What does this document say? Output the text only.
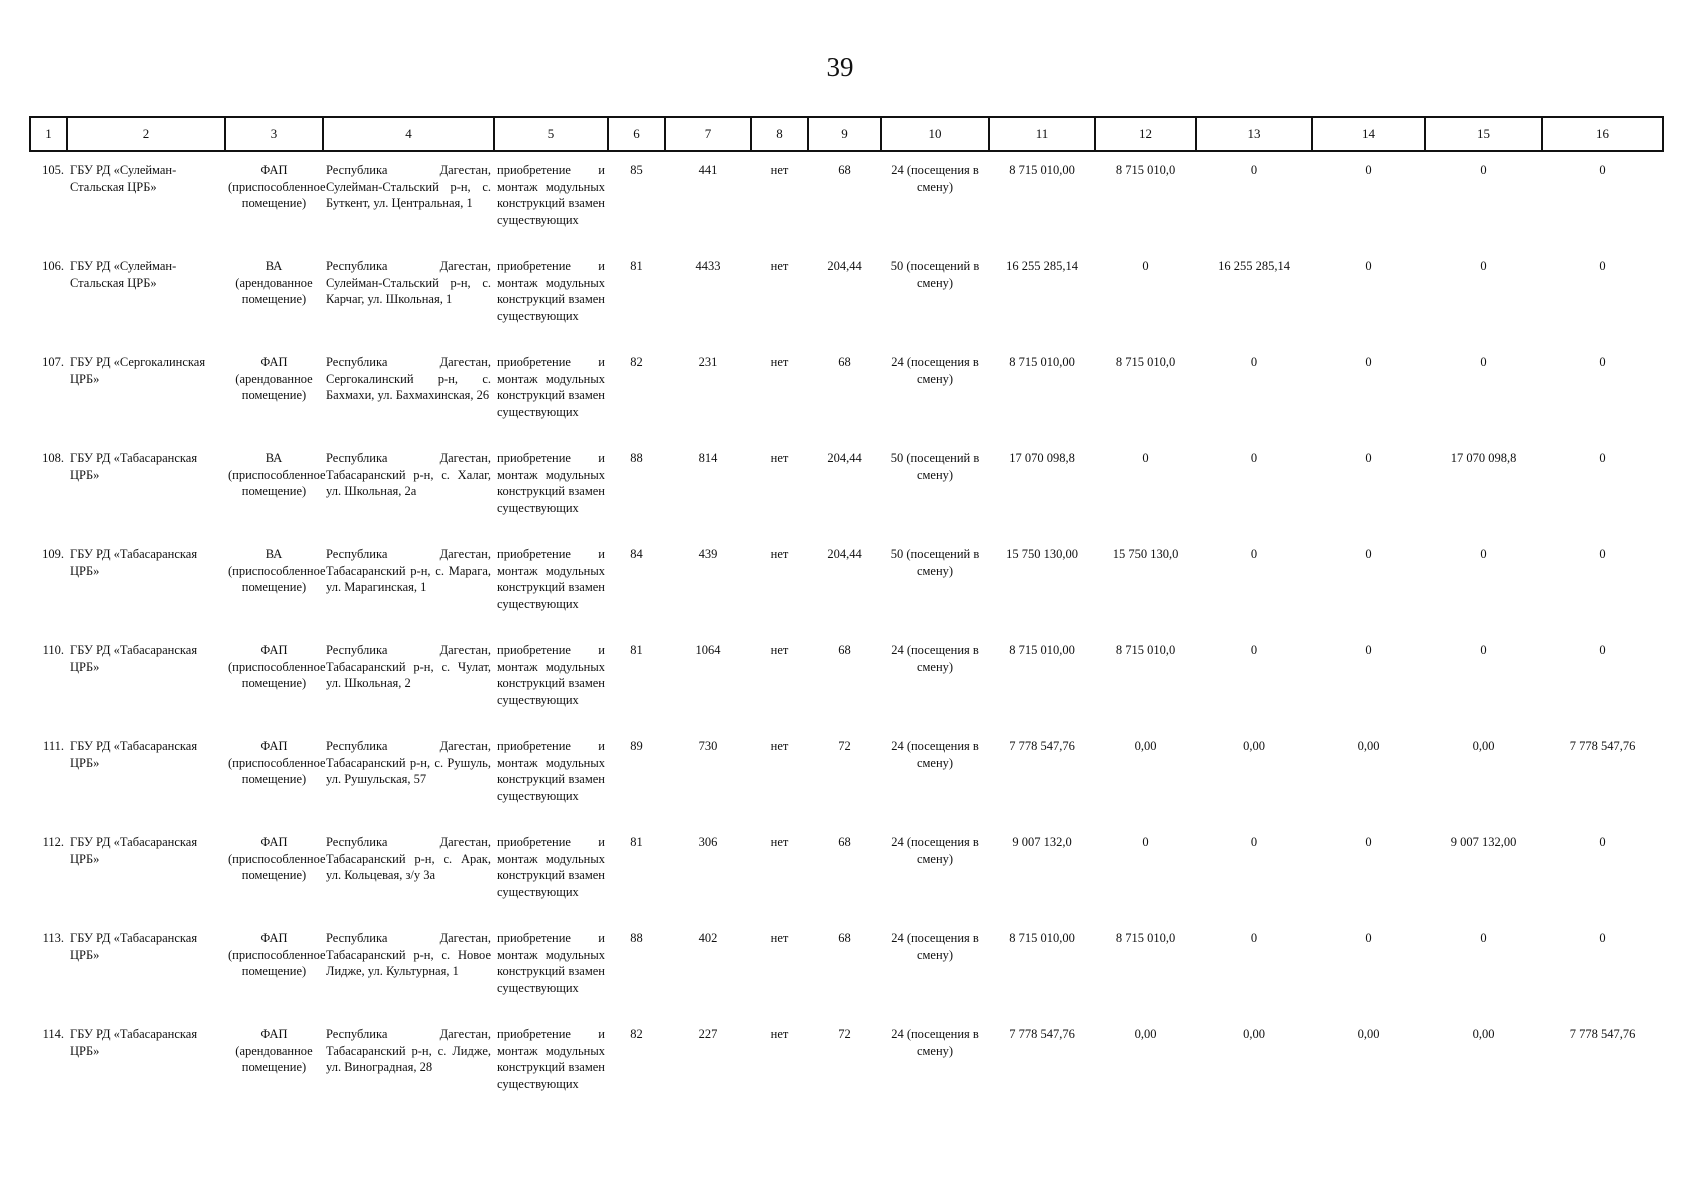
39
1	2	3	4	5	6	7	8	9	10	11	12	13	14	15	16
105.	ГБУ РД «Сулейман-Стальская ЦРБ»	ФАП (приспособленное помещение)	Республика Дагестан, Сулейман-Стальский р-н, с. Буткент, ул. Центральная, 1	приобретение и монтаж модульных конструкций взамен существующих	85	441	нет	68	24 (посещения в смену)	8 715 010,00	8 715 010,0	0	0	0	0
106.	ГБУ РД «Сулейман-Стальская ЦРБ»	ВА (арендованное помещение)	Республика Дагестан, Сулейман-Стальский р-н, с. Карчаг, ул. Школьная, 1	приобретение и монтаж модульных конструкций взамен существующих	81	4433	нет	204,44	50 (посещений в смену)	16 255 285,14	0	16 255 285,14	0	0	0
107.	ГБУ РД «Сергокалинская ЦРБ»	ФАП (арендованное помещение)	Республика Дагестан, Сергокалинский р-н, с. Бахмахи, ул. Бахмахинская, 26	приобретение и монтаж модульных конструкций взамен существующих	82	231	нет	68	24 (посещения в смену)	8 715 010,00	8 715 010,0	0	0	0	0
108.	ГБУ РД «Табасаранская ЦРБ»	ВА (приспособленное помещение)	Республика Дагестан, Табасаранский р-н, с. Халаг, ул. Школьная, 2а	приобретение и монтаж модульных конструкций взамен существующих	88	814	нет	204,44	50 (посещений в смену)	17 070 098,8	0	0	0	17 070 098,8	0
109.	ГБУ РД «Табасаранская ЦРБ»	ВА (приспособленное помещение)	Республика Дагестан, Табасаранский р-н, с. Марага, ул. Марагинская, 1	приобретение и монтаж модульных конструкций взамен существующих	84	439	нет	204,44	50 (посещений в смену)	15 750 130,00	15 750 130,0	0	0	0	0
110.	ГБУ РД «Табасаранская ЦРБ»	ФАП (приспособленное помещение)	Республика Дагестан, Табасаранский р-н, с. Чулат, ул. Школьная, 2	приобретение и монтаж модульных конструкций взамен существующих	81	1064	нет	68	24 (посещения в смену)	8 715 010,00	8 715 010,0	0	0	0	0
111.	ГБУ РД «Табасаранская ЦРБ»	ФАП (приспособленное помещение)	Республика Дагестан, Табасаранский р-н, с. Рушуль, ул. Рушульская, 57	приобретение и монтаж модульных конструкций взамен существующих	89	730	нет	72	24 (посещения в смену)	7 778 547,76	0,00	0,00	0,00	0,00	7 778 547,76
112.	ГБУ РД «Табасаранская ЦРБ»	ФАП (приспособленное помещение)	Республика Дагестан, Табасаранский р-н, с. Арак, ул. Кольцевая, з/у 3а	приобретение и монтаж модульных конструкций взамен существующих	81	306	нет	68	24 (посещения в смену)	9 007 132,0	0	0	0	9 007 132,00	0
113.	ГБУ РД «Табасаранская ЦРБ»	ФАП (приспособленное помещение)	Республика Дагестан, Табасаранский р-н, с. Новое Лидже, ул. Культурная, 1	приобретение и монтаж модульных конструкций взамен существующих	88	402	нет	68	24 (посещения в смену)	8 715 010,00	8 715 010,0	0	0	0	0
114.	ГБУ РД «Табасаранская ЦРБ»	ФАП (арендованное помещение)	Республика Дагестан, Табасаранский р-н, с. Лидже, ул. Виноградная, 28	приобретение и монтаж модульных конструкций взамен существующих	82	227	нет	72	24 (посещения в смену)	7 778 547,76	0,00	0,00	0,00	0,00	7 778 547,76
